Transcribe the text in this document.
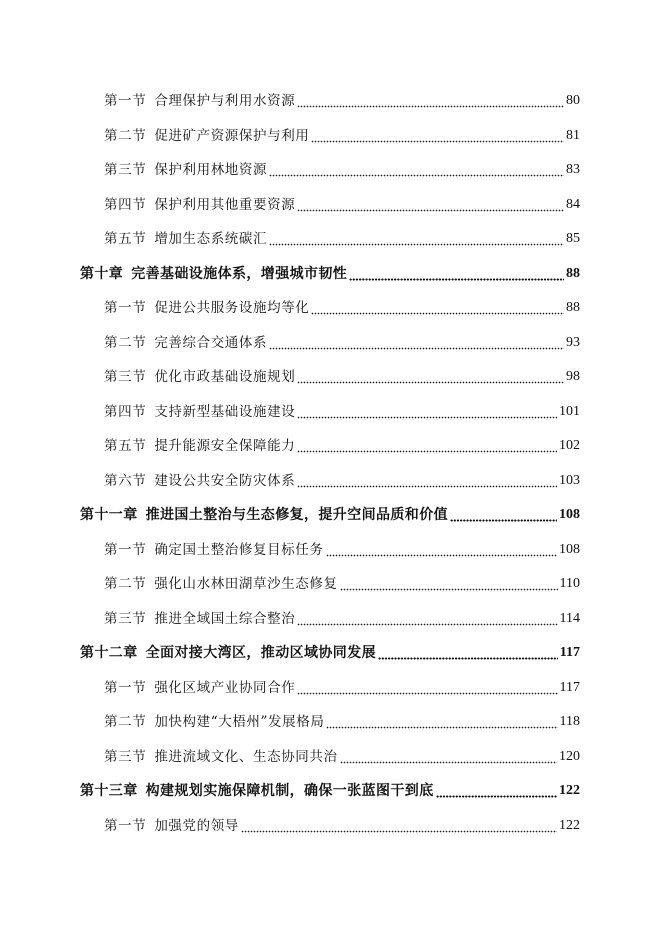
第一节 合理保护与利用水资源	80
第二节 促进矿产资源保护与利用	81
第三节 保护利用林地资源	83
第四节 保护利用其他重要资源	84
第五节 增加生态系统碳汇	85
第十章 完善基础设施体系，增强城市韧性	88
第一节 促进公共服务设施均等化	88
第二节 完善综合交通体系	93
第三节 优化市政基础设施规划	98
第四节 支持新型基础设施建设	101
第五节 提升能源安全保障能力	102
第六节 建设公共安全防灾体系	103
第十一章 推进国土整治与生态修复，提升空间品质和价值	108
第一节 确定国土整治修复目标任务	108
第二节 强化山水林田湖草沙生态修复	110
第三节 推进全域国土综合整治	114
第十二章 全面对接大湾区，推动区域协同发展	117
第一节 强化区域产业协同合作	117
第二节 加快构建“大梧州”发展格局	118
第三节 推进流域文化、生态协同共治	120
第十三章 构建规划实施保障机制，确保一张蓝图干到底	122
第一节 加强党的领导	122
